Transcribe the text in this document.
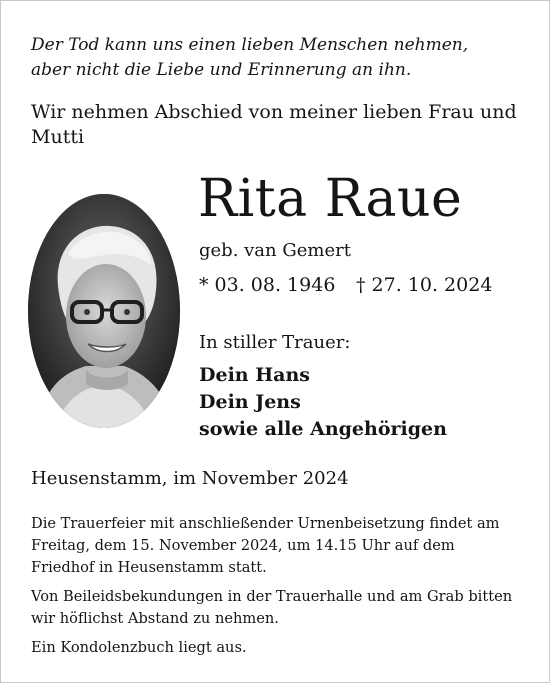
Der Tod kann uns einen lieben Menschen nehmen,
aber nicht die Liebe und Erinnerung an ihn.

Wir nehmen Abschied von meiner lieben Frau und Mutti

Rita Raue
geb. van Gemert
* 03. 08. 1946 † 27. 10. 2024
In stiller Trauer:
Dein Hans
Dein Jens
sowie alle Angehörigen
Heusenstamm, im November 2024

Die Trauerfeier mit anschließender Urnenbeisetzung findet am Freitag, dem 15. November 2024, um 14.15 Uhr auf dem Friedhof in Heusenstamm statt.

Von Beileidsbekundungen in der Trauerhalle und am Grab bitten wir höflichst Abstand zu nehmen.

Ein Kondolenzbuch liegt aus.
